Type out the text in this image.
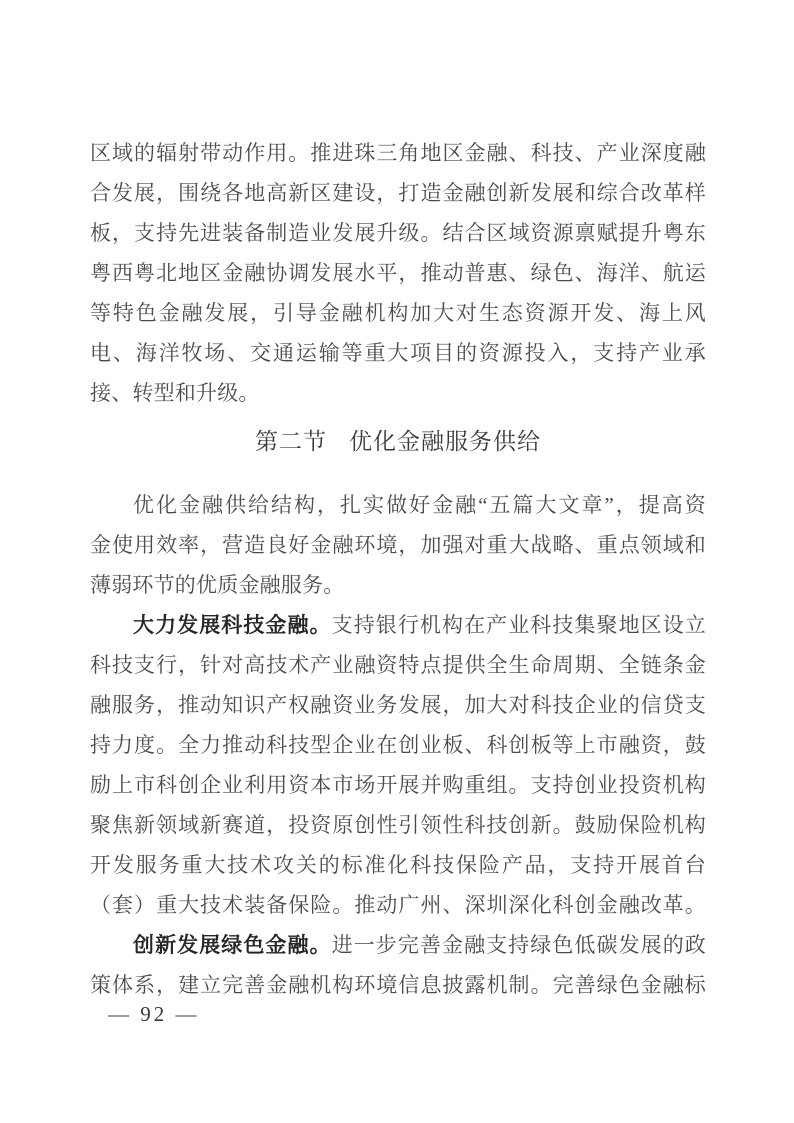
区域的辐射带动作用。推进珠三角地区金融、科技、产业深度融
合发展，围绕各地高新区建设，打造金融创新发展和综合改革样
板，支持先进装备制造业发展升级。结合区域资源禀赋提升粤东
粤西粤北地区金融协调发展水平，推动普惠、绿色、海洋、航运
等特色金融发展，引导金融机构加大对生态资源开发、海上风
电、海洋牧场、交通运输等重大项目的资源投入，支持产业承
接、转型和升级。
第二节 优化金融服务供给
优化金融供给结构，扎实做好金融“五篇大文章”，提高资
金使用效率，营造良好金融环境，加强对重大战略、重点领域和
薄弱环节的优质金融服务。
大力发展科技金融。支持银行机构在产业科技集聚地区设立
科技支行，针对高技术产业融资特点提供全生命周期、全链条金
融服务，推动知识产权融资业务发展，加大对科技企业的信贷支
持力度。全力推动科技型企业在创业板、科创板等上市融资，鼓
励上市科创企业利用资本市场开展并购重组。支持创业投资机构
聚焦新领域新赛道，投资原创性引领性科技创新。鼓励保险机构
开发服务重大技术攻关的标准化科技保险产品，支持开展首台
（套）重大技术装备保险。推动广州、深圳深化科创金融改革。
创新发展绿色金融。进一步完善金融支持绿色低碳发展的政
策体系，建立完善金融机构环境信息披露机制。完善绿色金融标
— 92 —
